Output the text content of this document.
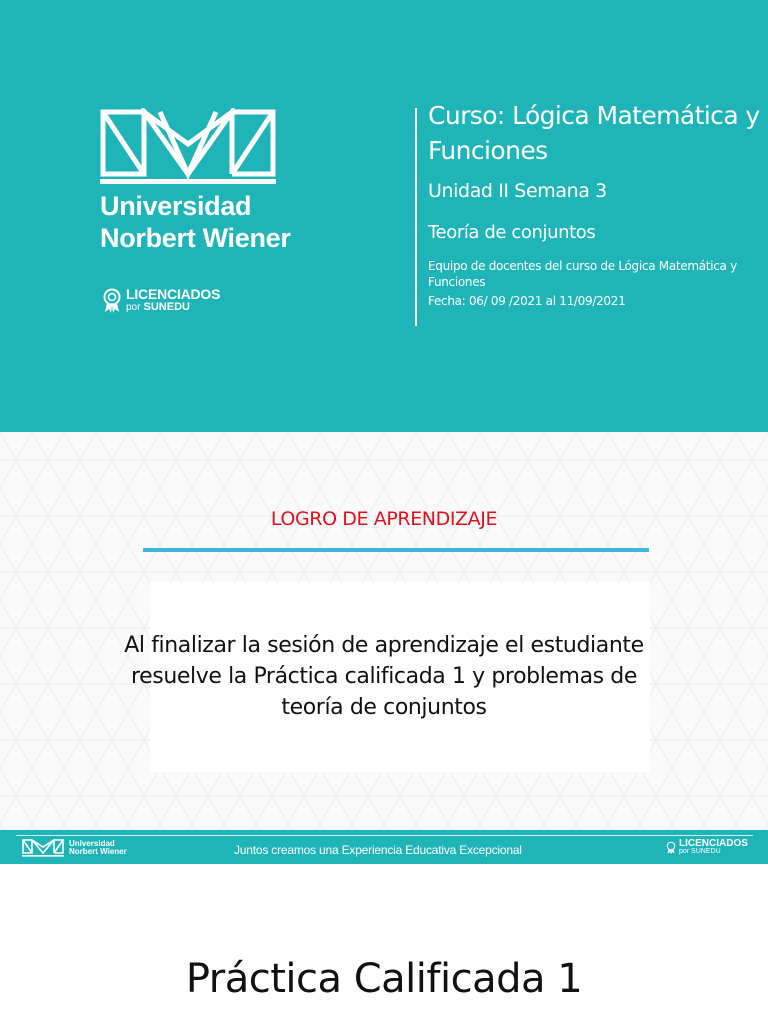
Universidad
Norbert Wiener
LICENCIADOS
por SUNEDU
Curso: Lógica Matemática y Funciones
Unidad II Semana 3
Teoría de conjuntos
Equipo de docentes del curso de Lógica Matemática y Funciones
Fecha: 06/ 09 /2021 al 11/09/2021
LOGRO DE APRENDIZAJE
Al finalizar la sesión de aprendizaje el estudiante resuelve la Práctica calificada 1 y problemas de teoría de conjuntos
Universidad
Norbert Wiener	Juntos creamos una Experiencia Educativa Excepcional	LICENCIADOS
por SUNEDU
Práctica Calificada 1
